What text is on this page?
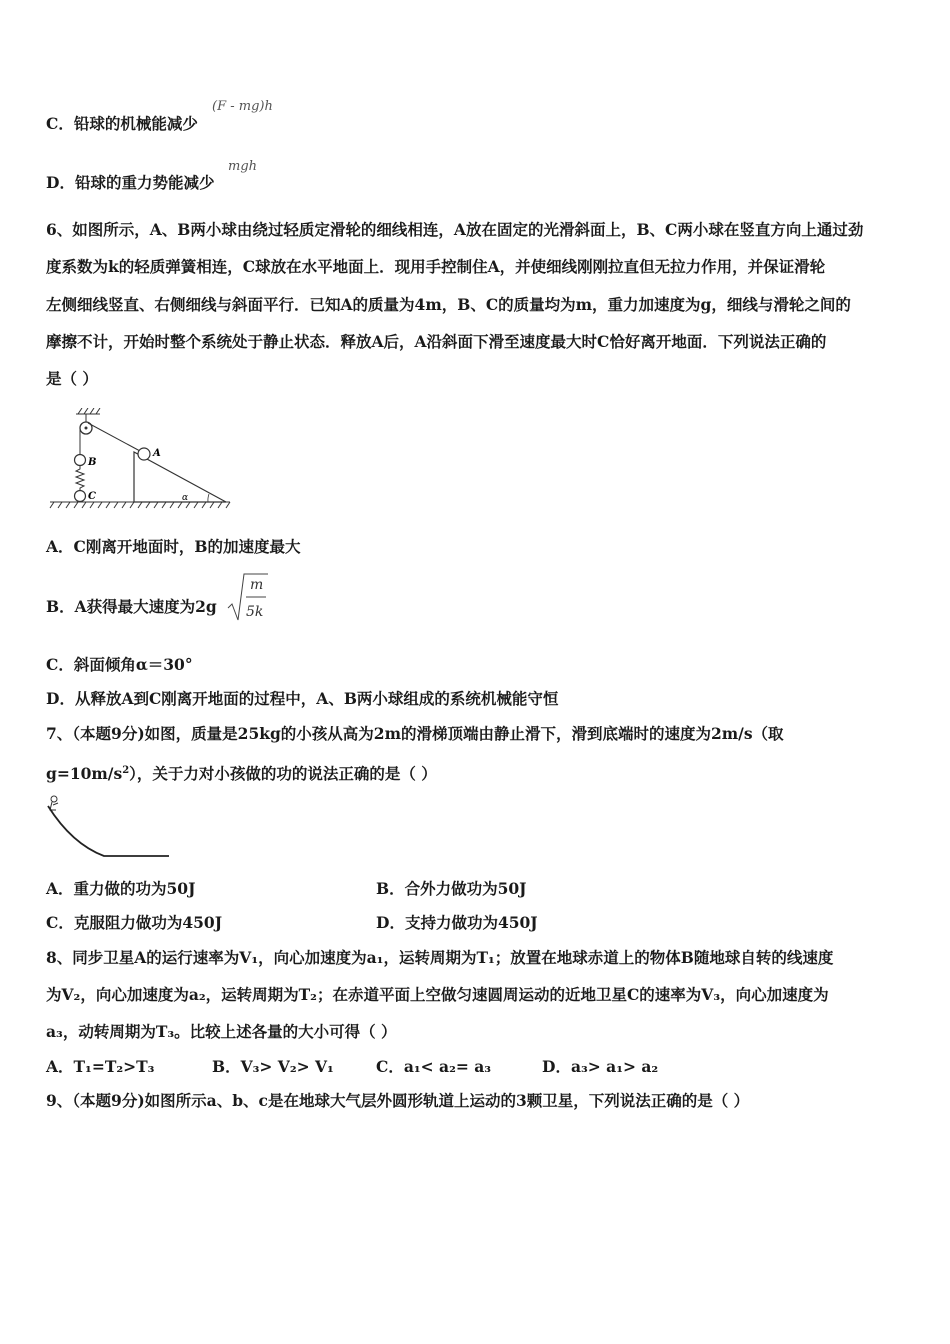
C．铅球的机械能减少
(F - mg)h
D．铅球的重力势能减少
mgh
6、如图所示，A、B两小球由绕过轻质定滑轮的细线相连，A放在固定的光滑斜面上，B、C两小球在竖直方向上通过劲
度系数为k的轻质弹簧相连，C球放在水平地面上．现用手控制住A，并使细线刚刚拉直但无拉力作用，并保证滑轮
左侧细线竖直、右侧细线与斜面平行．已知A的质量为4m，B、C的质量均为m，重力加速度为g，细线与滑轮之间的
摩擦不计，开始时整个系统处于静止状态．释放A后，A沿斜面下滑至速度最大时C恰好离开地面．下列说法正确的
是（ ）
B
C
A
α
A．C刚离开地面时，B的加速度最大
B．A获得最大速度为2g
m
5k
C．斜面倾角α＝30°
D．从释放A到C刚离开地面的过程中，A、B两小球组成的系统机械能守恒
7、（本题9分)如图，质量是25kg的小孩从高为2m的滑梯顶端由静止滑下，滑到底端时的速度为2m/s（取
$g=10m/s^2$），关于力对小孩做的功的说法正确的是（ ）
A．重力做的功为50J	B．合外力做功为50J
C．克服阻力做功为450J	D．支持力做功为450J
8、同步卫星A的运行速率为V₁，向心加速度为a₁，运转周期为T₁；放置在地球赤道上的物体B随地球自转的线速度
为V₂，向心加速度为a₂，运转周期为T₂；在赤道平面上空做匀速圆周运动的近地卫星C的速率为V₃，向心加速度为
a₃，动转周期为T₃。比较上述各量的大小可得（ ）
A．T₁=T₂>T₃	B．V₃> V₂> V₁	C．a₁< a₂= a₃	D．a₃> a₁> a₂
9、（本题9分)如图所示a、b、c是在地球大气层外圆形轨道上运动的3颗卫星，下列说法正确的是（ ）
